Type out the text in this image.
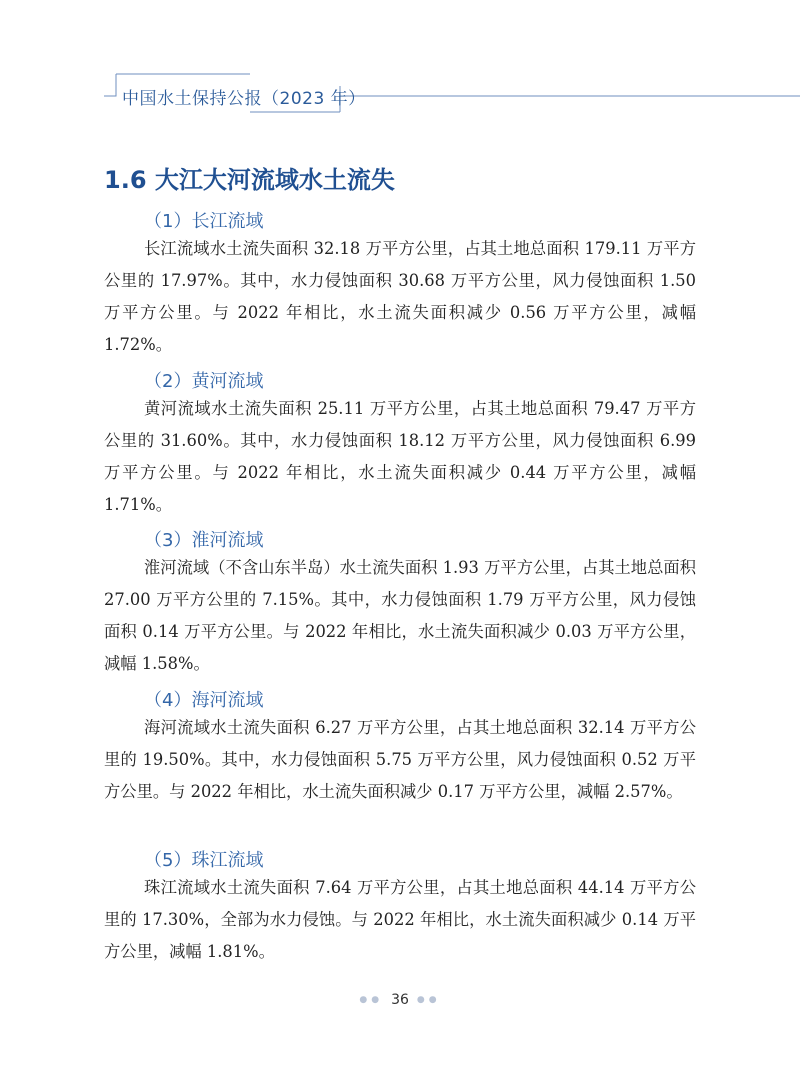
中国水土保持公报（2023 年）
1.6 大江大河流域水土流失
（1）长江流域
长江流域水土流失面积 32.18 万平方公里，占其土地总面积 179.11 万平方公里的 17.97%。其中，水力侵蚀面积 30.68 万平方公里，风力侵蚀面积 1.50 万平方公里。与 2022 年相比，水土流失面积减少 0.56 万平方公里，减幅 1.72%。
（2）黄河流域
黄河流域水土流失面积 25.11 万平方公里，占其土地总面积 79.47 万平方公里的 31.60%。其中，水力侵蚀面积 18.12 万平方公里，风力侵蚀面积 6.99 万平方公里。与 2022 年相比，水土流失面积减少 0.44 万平方公里，减幅 1.71%。
（3）淮河流域
淮河流域（不含山东半岛）水土流失面积 1.93 万平方公里，占其土地总面积 27.00 万平方公里的 7.15%。其中，水力侵蚀面积 1.79 万平方公里，风力侵蚀面积 0.14 万平方公里。与 2022 年相比，水土流失面积减少 0.03 万平方公里，减幅 1.58%。
（4）海河流域
海河流域水土流失面积 6.27 万平方公里，占其土地总面积 32.14 万平方公里的 19.50%。其中，水力侵蚀面积 5.75 万平方公里，风力侵蚀面积 0.52 万平方公里。与 2022 年相比，水土流失面积减少 0.17 万平方公里，减幅 2.57%。
（5）珠江流域
珠江流域水土流失面积 7.64 万平方公里，占其土地总面积 44.14 万平方公里的 17.30%，全部为水力侵蚀。与 2022 年相比，水土流失面积减少 0.14 万平方公里，减幅 1.81%。
●● 36 ●●
